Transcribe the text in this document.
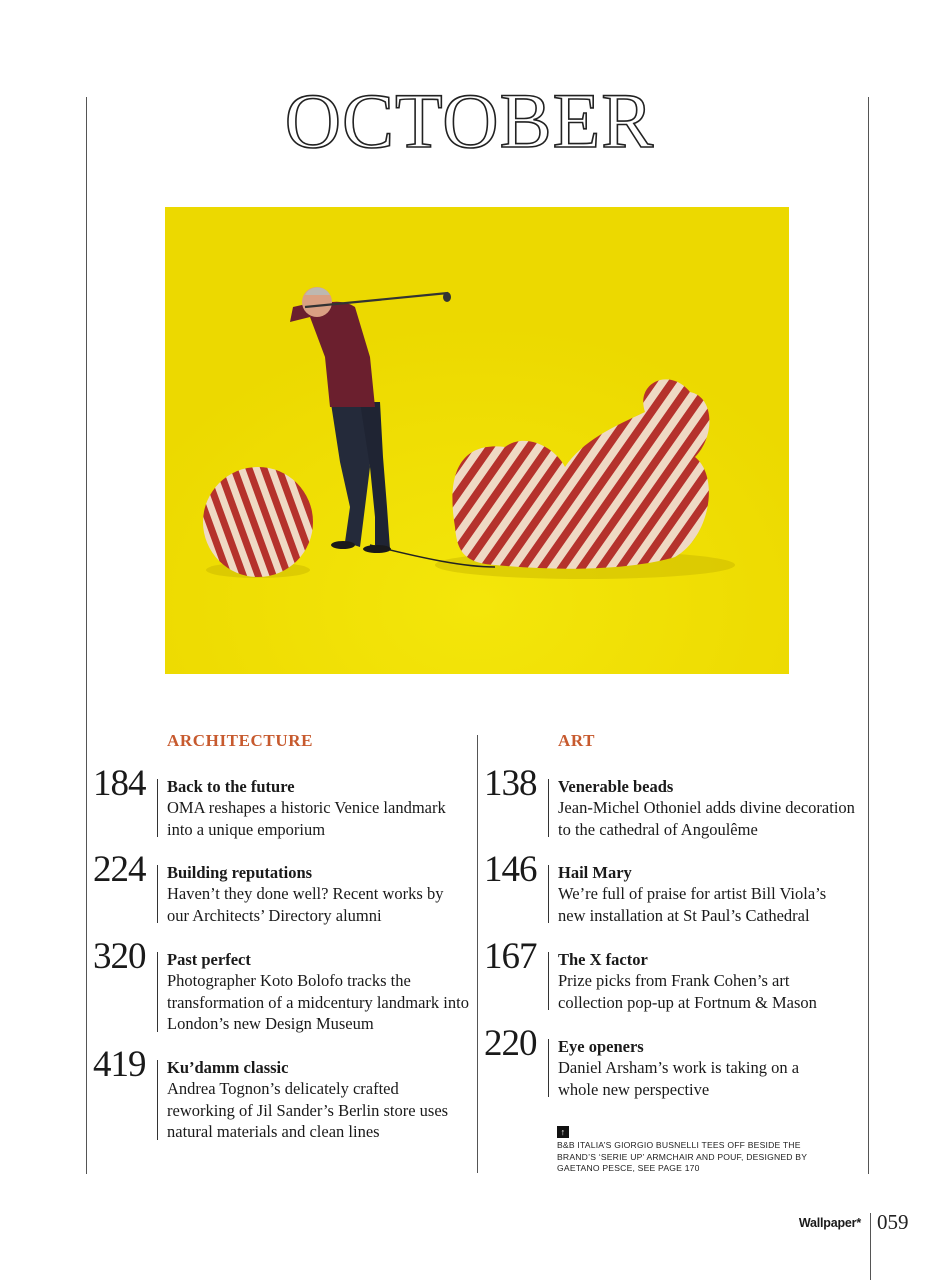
OCTOBER
ARCHITECTURE
184 Back to the future
OMA reshapes a historic Venice landmark into a unique emporium
224 Building reputations
Haven’t they done well? Recent works by our Architects’ Directory alumni
320 Past perfect
Photographer Koto Bolofo tracks the transformation of a midcentury landmark into London’s new Design Museum
419 Ku’damm classic
Andrea Tognon’s delicately crafted reworking of Jil Sander’s Berlin store uses natural materials and clean lines
ART
138 Venerable beads
Jean-Michel Othoniel adds divine decoration to the cathedral of Angoulême
146 Hail Mary
We’re full of praise for artist Bill Viola’s new installation at St Paul’s Cathedral
167 The X factor
Prize picks from Frank Cohen’s art collection pop-up at Fortnum & Mason
220 Eye openers
Daniel Arsham’s work is taking on a whole new perspective
↑
B&B ITALIA’S GIORGIO BUSNELLI TEES OFF BESIDE THE BRAND’S ‘SERIE UP’ ARMCHAIR AND POUF, DESIGNED BY GAETANO PESCE, SEE PAGE 170
Wallpaper* 059
